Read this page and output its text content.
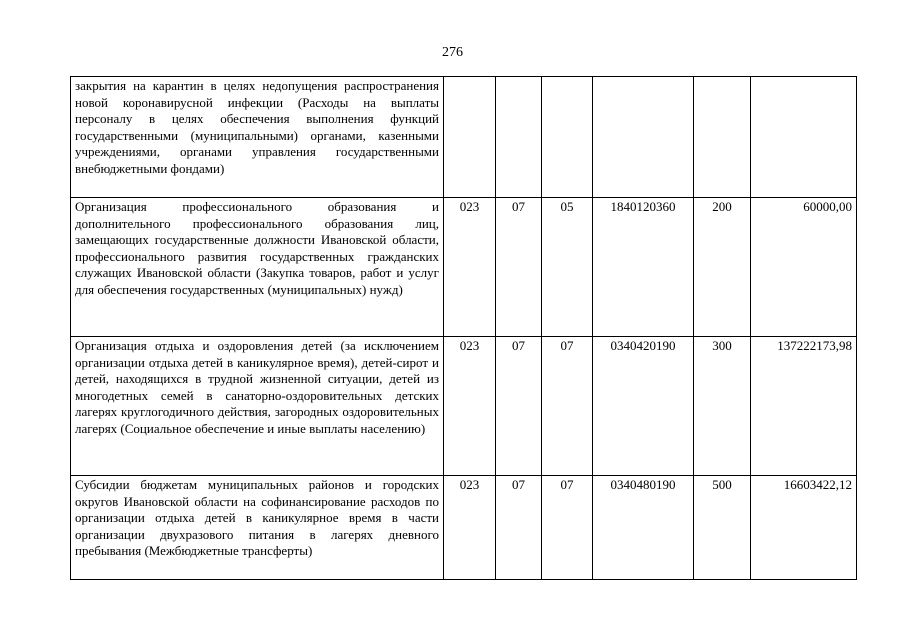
276
закрытия на карантин в целях недопущения распространения новой коронавирусной инфекции (Расходы на выплаты персоналу в целях обеспечения выполнения функций государственными (муниципальными) органами, казенными учреждениями, органами управления государственными внебюджетными фондами)						
Организация профессионального образования и дополнительного профессионального образования лиц, замещающих государственные должности Ивановской области, профессионального развития государственных гражданских служащих Ивановской области (Закупка товаров, работ и услуг для обеспечения государственных (муниципальных) нужд)	023	07	05	1840120360	200	60000,00
Организация отдыха и оздоровления детей (за исключением организации отдыха детей в каникулярное время), детей-сирот и детей, находящихся в трудной жизненной ситуации, детей из многодетных семей в санаторно-оздоровительных детских лагерях круглогодичного действия, загородных оздоровительных лагерях (Социальное обеспечение и иные выплаты населению)	023	07	07	0340420190	300	137222173,98
Субсидии бюджетам муниципальных районов и городских округов Ивановской области на софинансирование расходов по организации отдыха детей в каникулярное время в части организации двухразового питания в лагерях дневного пребывания (Межбюджетные трансферты)	023	07	07	0340480190	500	16603422,12
